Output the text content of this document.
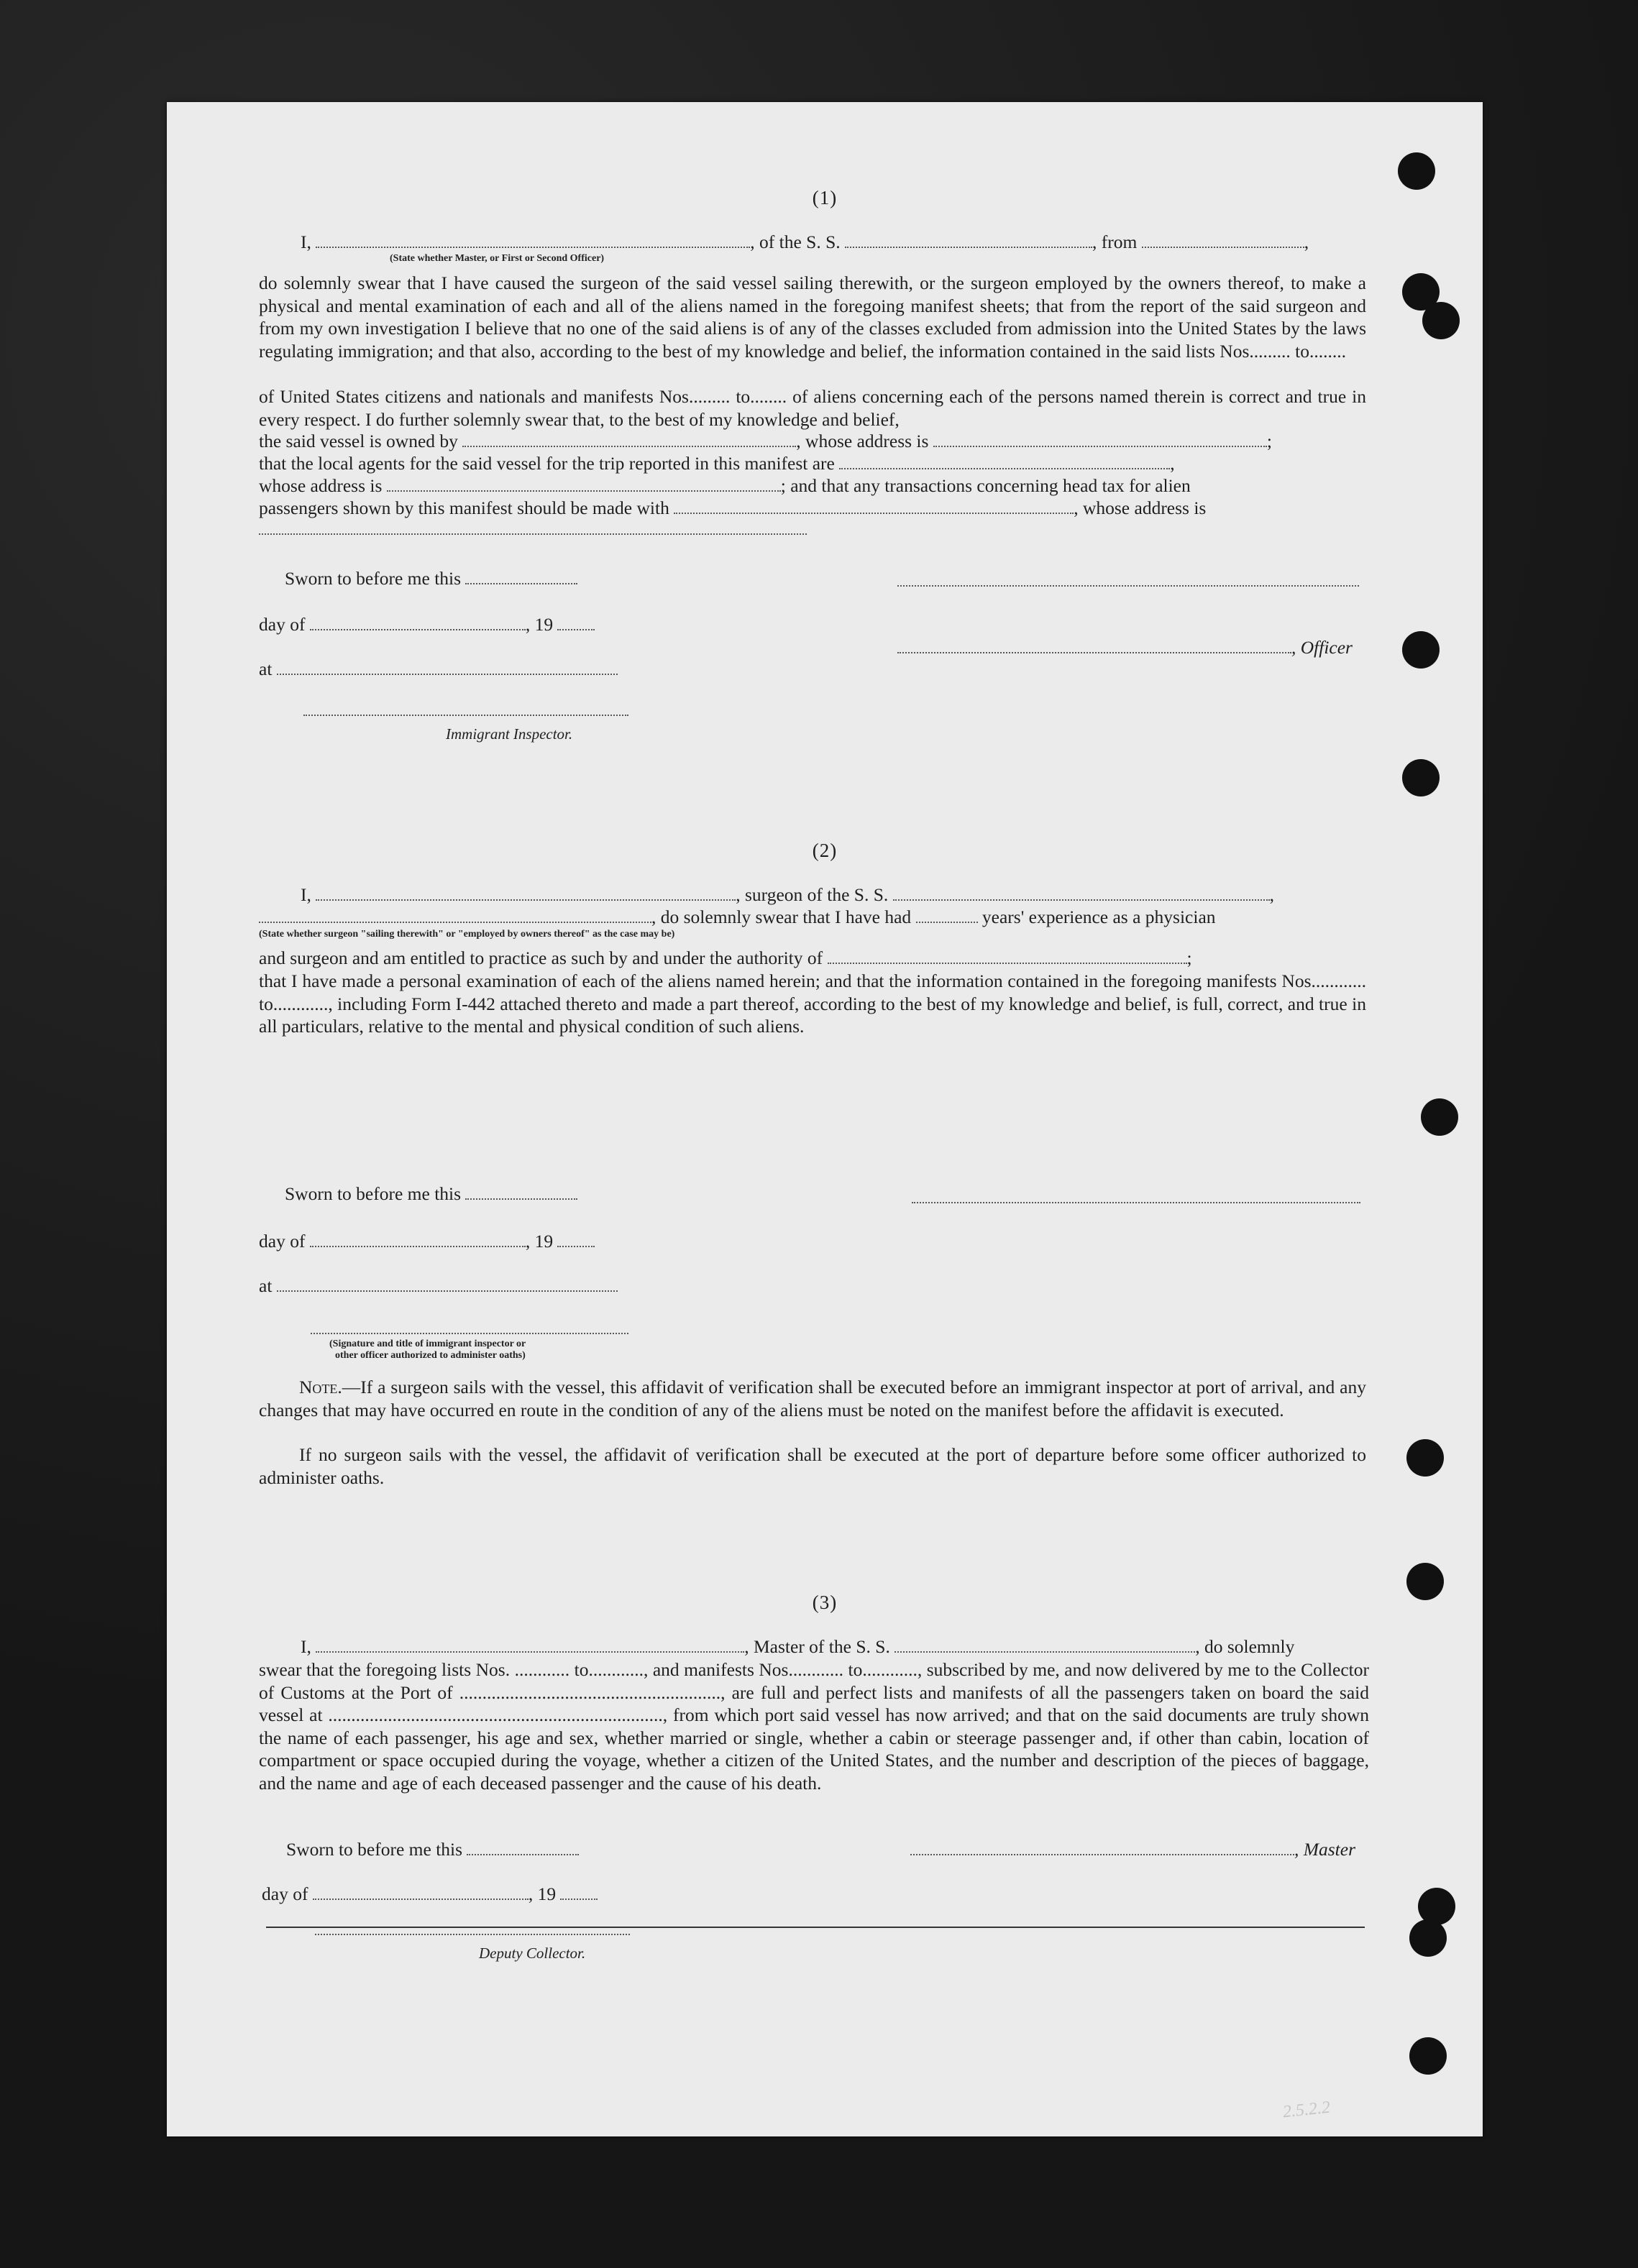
(1)
I,	, of the S. S.	, from	,
(State whether Master, or First or Second Officer)
do solemnly swear that I have caused the surgeon of the said vessel sailing therewith, or the surgeon employed by the owners thereof, to make a physical and mental examination of each and all of the aliens named in the foregoing manifest sheets; that from the report of the said surgeon and from my own investigation I believe that no one of the said aliens is of any of the classes excluded from admission into the United States by the laws regulating immigration; and that also, according to the best of my knowledge and belief, the information contained in the said lists Nos......... to........
of United States citizens and nationals and manifests Nos......... to........ of aliens concerning each of the persons named therein is correct and true in every respect. I do further solemnly swear that, to the best of my knowledge and belief,
the said vessel is owned by	, whose address is	;
that the local agents for the said vessel for the trip reported in this manifest are	,
whose address is	; and that any transactions concerning head tax for alien
passengers shown by this manifest should be made with	, whose address is
Sworn to before me this
day of	, 19
, Officer
at
Immigrant Inspector.
(2)
I,	, surgeon of the S. S.	,
, do solemnly swear that I have had	years' experience as a physician
(State whether surgeon "sailing therewith" or "employed by owners thereof" as the case may be)
and surgeon and am entitled to practice as such by and under the authority of	;
that I have made a personal examination of each of the aliens named herein; and that the information contained in the foregoing manifests Nos............ to............, including Form I-442 attached thereto and made a part thereof, according to the best of my knowledge and belief, is full, correct, and true in all particulars, relative to the mental and physical condition of such aliens.
Sworn to before me this
day of	, 19
at
(Signature and title of immigrant inspector or
other officer authorized to administer oaths)
Note.—If a surgeon sails with the vessel, this affidavit of verification shall be executed before an immigrant inspector at port of arrival, and any changes that may have occurred en route in the condition of any of the aliens must be noted on the manifest before the affidavit is executed.
If no surgeon sails with the vessel, the affidavit of verification shall be executed at the port of departure before some officer authorized to administer oaths.
(3)
I,	, Master of the S. S.	, do solemnly
swear that the foregoing lists Nos. ............ to............, and manifests Nos............ to............, subscribed by me, and now delivered by me to the Collector of Customs at the Port of ........................................................., are full and perfect lists and manifests of all the passengers taken on board the said vessel at ........................................................................., from which port said vessel has now arrived; and that on the said documents are truly shown the name of each passenger, his age and sex, whether married or single, whether a cabin or steerage passenger and, if other than cabin, location of compartment or space occupied during the voyage, whether a citizen of the United States, and the number and description of the pieces of baggage, and the name and age of each deceased passenger and the cause of his death.
Sworn to before me this	, Master
day of	, 19
Deputy Collector.
2.5.2.2
